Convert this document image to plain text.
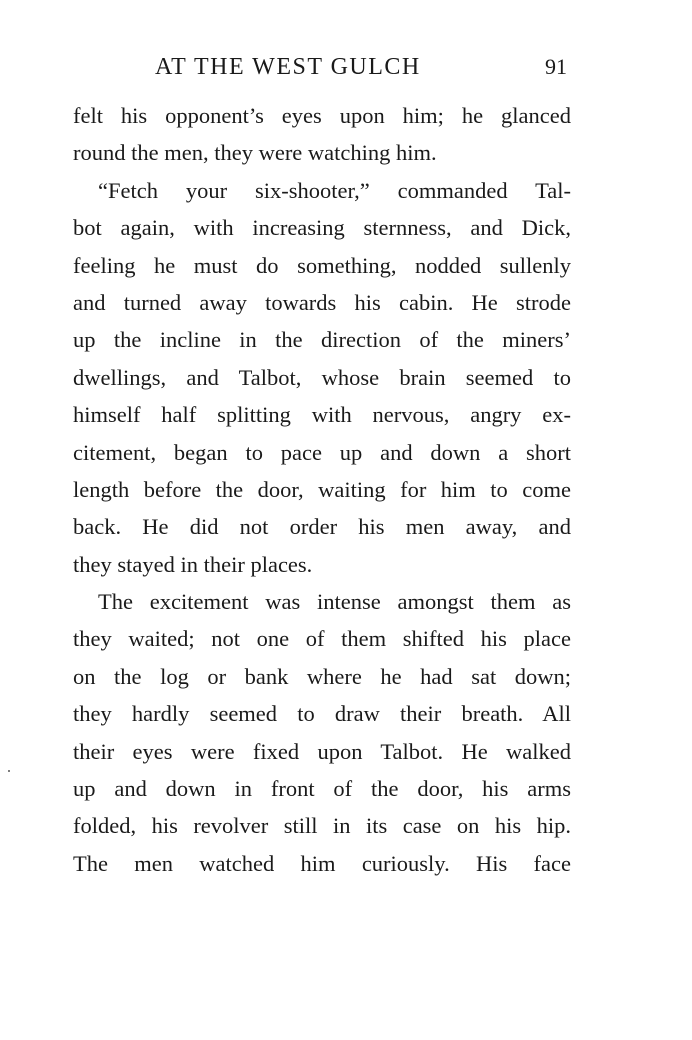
AT THE WEST GULCH	91
felt his opponent’s eyes upon him; he glanced
round the men, they were watching him.
“Fetch your six-shooter,” commanded Tal-
bot again, with increasing sternness, and Dick,
feeling he must do something, nodded sullenly
and turned away towards his cabin. He strode
up the incline in the direction of the miners’
dwellings, and Talbot, whose brain seemed to
himself half splitting with nervous, angry ex-
citement, began to pace up and down a short
length before the door, waiting for him to come
back. He did not order his men away, and
they stayed in their places.
The excitement was intense amongst them as
they waited; not one of them shifted his place
on the log or bank where he had sat down;
they hardly seemed to draw their breath. All
their eyes were fixed upon Talbot. He walked
up and down in front of the door, his arms
folded, his revolver still in its case on his hip.
The men watched him curiously. His face
